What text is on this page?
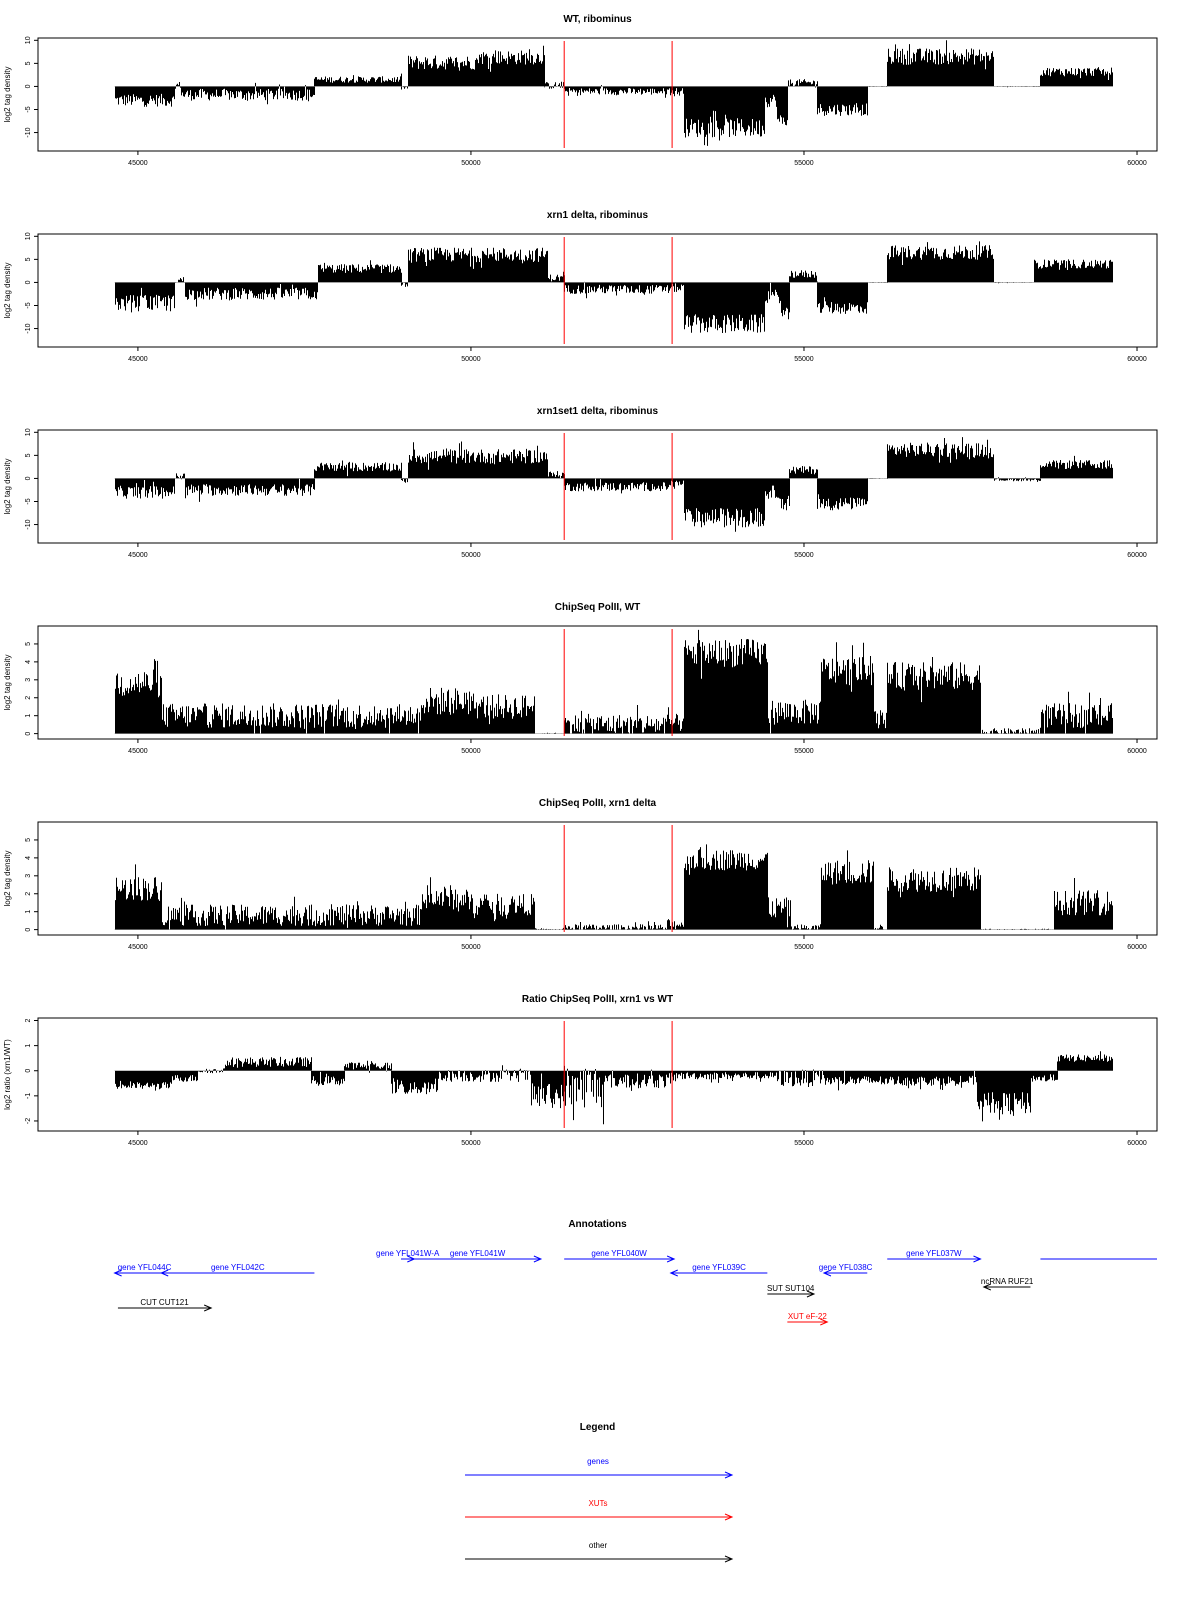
WT, ribominus
log2 tag density
-10
-5
0
5
10
45000	50000	55000	60000
xrn1 delta, ribominus
log2 tag density
-10
-5
0
5
10
45000	50000	55000	60000
xrn1set1 delta, ribominus
log2 tag density
-10
-5
0
5
10
45000	50000	55000	60000
ChipSeq PolII, WT
log2 tag density
0
1
2
3
4
5
45000	50000	55000	60000
ChipSeq PolII, xrn1 delta
log2 tag density
0
1
2
3
4
5
45000	50000	55000	60000
Ratio ChipSeq PolII, xrn1 vs WT
log2 ratio (xrn1/WT)
-2
-1
0
1
2
45000	50000	55000	60000
Annotations
gene YFL044C	gene YFL042C
gene YFL041W-A gene YFL041W	gene YFL040W
gene YFL039C	gene YFL038C
gene YFL037W
ncRNA RUF21
SUT SUT104
CUT CUT121
XUT eF-22
Legend
genes
XUTs
other
